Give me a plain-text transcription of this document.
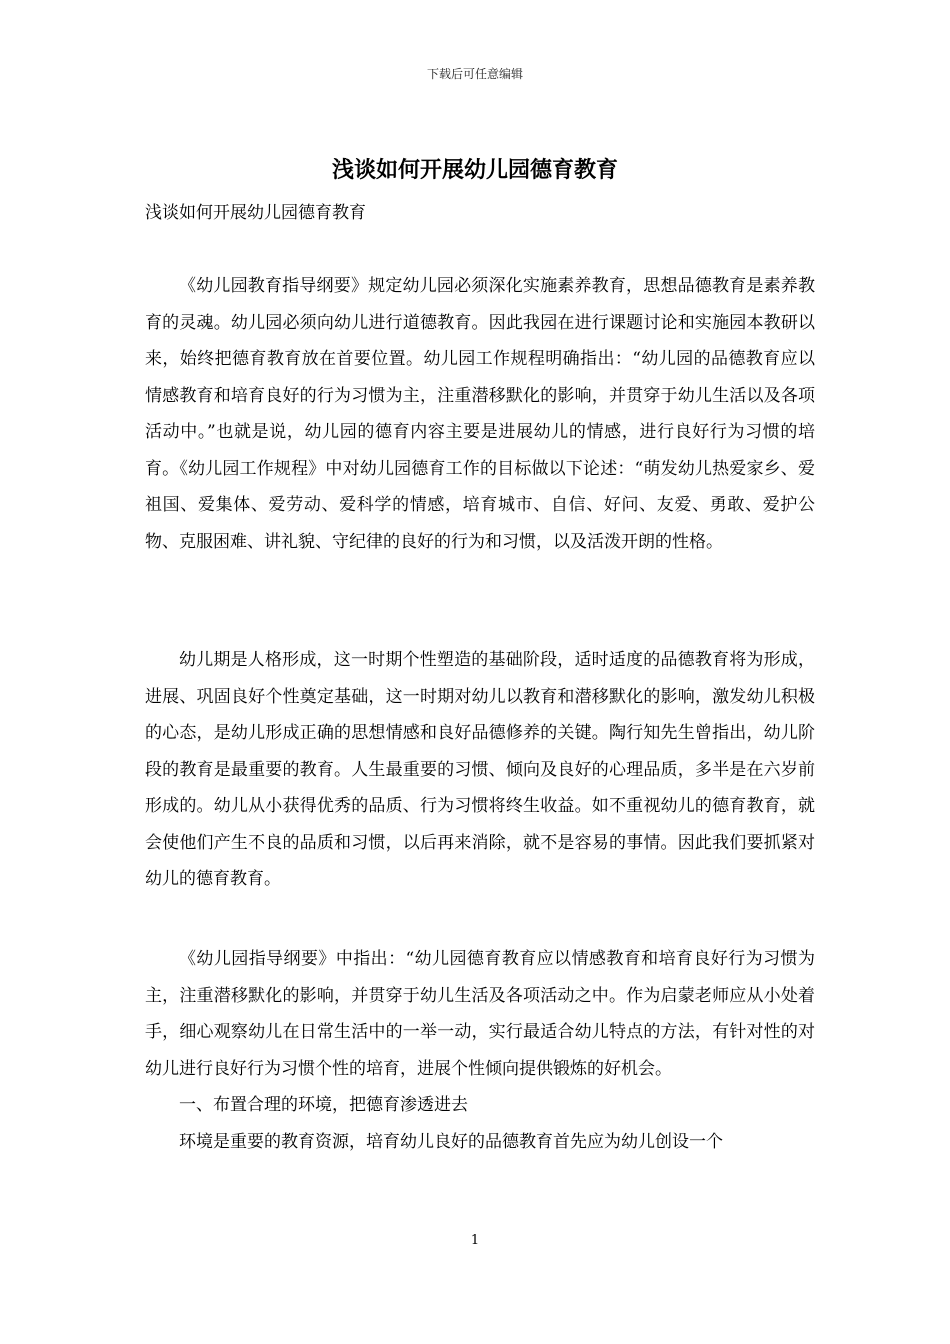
下载后可任意编辑
浅谈如何开展幼儿园德育教育
浅谈如何开展幼儿园德育教育

《幼儿园教育指导纲要》规定幼儿园必须深化实施素养教育，思想品德教育是素养教育的灵魂。幼儿园必须向幼儿进行道德教育。因此我园在进行课题讨论和实施园本教研以来，始终把德育教育放在首要位置。幼儿园工作规程明确指出：“幼儿园的品德教育应以情感教育和培育良好的行为习惯为主，注重潜移默化的影响，并贯穿于幼儿生活以及各项活动中。”也就是说，幼儿园的德育内容主要是进展幼儿的情感，进行良好行为习惯的培育。《幼儿园工作规程》中对幼儿园德育工作的目标做以下论述：“萌发幼儿热爱家乡、爱祖国、爱集体、爱劳动、爱科学的情感，培育城市、自信、好问、友爱、勇敢、爱护公物、克服困难、讲礼貌、守纪律的良好的行为和习惯，以及活泼开朗的性格。

幼儿期是人格形成，这一时期个性塑造的基础阶段，适时适度的品德教育将为形成，进展、巩固良好个性奠定基础，这一时期对幼儿以教育和潜移默化的影响，激发幼儿积极的心态，是幼儿形成正确的思想情感和良好品德修养的关键。陶行知先生曾指出，幼儿阶段的教育是最重要的教育。人生最重要的习惯、倾向及良好的心理品质，多半是在六岁前形成的。幼儿从小获得优秀的品质、行为习惯将终生收益。如不重视幼儿的德育教育，就会使他们产生不良的品质和习惯，以后再来消除，就不是容易的事情。因此我们要抓紧对幼儿的德育教育。

《幼儿园指导纲要》中指出：“幼儿园德育教育应以情感教育和培育良好行为习惯为主，注重潜移默化的影响，并贯穿于幼儿生活及各项活动之中。作为启蒙老师应从小处着手，细心观察幼儿在日常生活中的一举一动，实行最适合幼儿特点的方法，有针对性的对幼儿进行良好行为习惯个性的培育，进展个性倾向提供锻炼的好机会。

一、布置合理的环境，把德育渗透进去

环境是重要的教育资源，培育幼儿良好的品德教育首先应为幼儿创设一个

1
